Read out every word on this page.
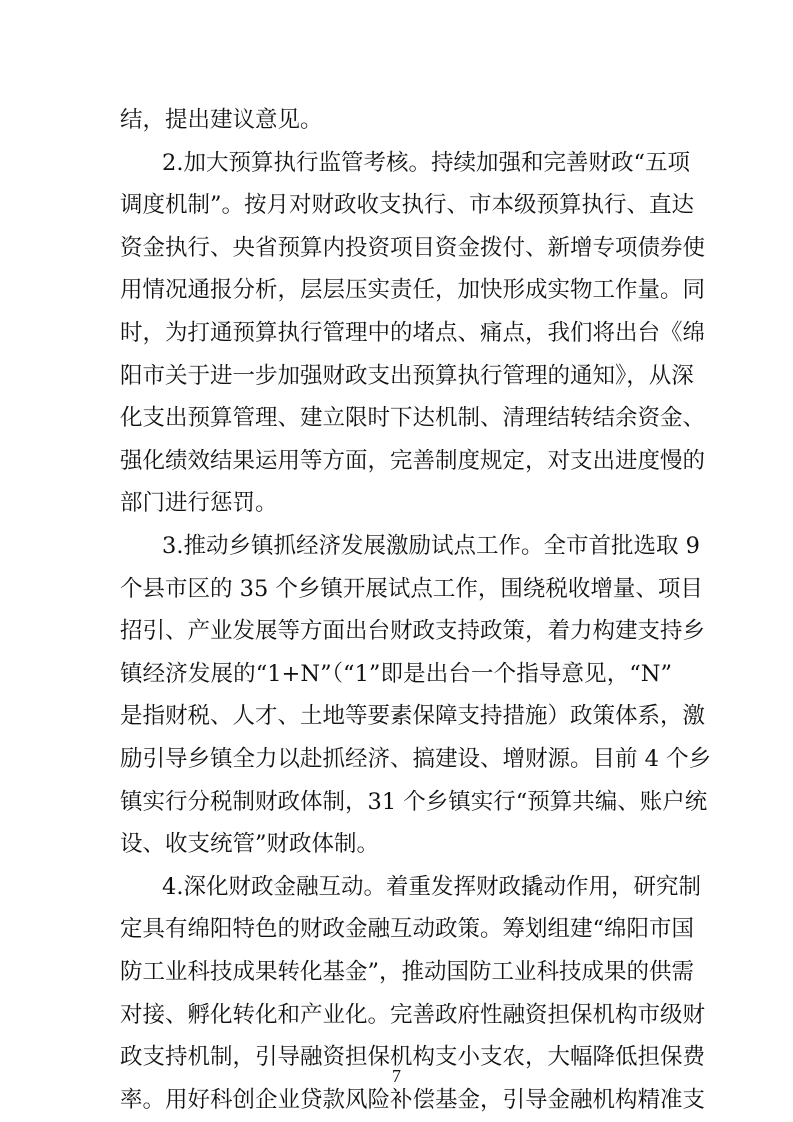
结，提出建议意见。
2.加大预算执行监管考核。持续加强和完善财政“五项
调度机制”。按月对财政收支执行、市本级预算执行、直达
资金执行、央省预算内投资项目资金拨付、新增专项债券使
用情况通报分析，层层压实责任，加快形成实物工作量。同
时，为打通预算执行管理中的堵点、痛点，我们将出台《绵
阳市关于进一步加强财政支出预算执行管理的通知》，从深
化支出预算管理、建立限时下达机制、清理结转结余资金、
强化绩效结果运用等方面，完善制度规定，对支出进度慢的
部门进行惩罚。
3.推动乡镇抓经济发展激励试点工作。全市首批选取 9
个县市区的 35 个乡镇开展试点工作，围绕税收增量、项目
招引、产业发展等方面出台财政支持政策，着力构建支持乡
镇经济发展的“1+N”（“1”即是出台一个指导意见，“N”
是指财税、人才、土地等要素保障支持措施）政策体系，激
励引导乡镇全力以赴抓经济、搞建设、增财源。目前 4 个乡
镇实行分税制财政体制，31 个乡镇实行“预算共编、账户统
设、收支统管”财政体制。
4.深化财政金融互动。着重发挥财政撬动作用，研究制
定具有绵阳特色的财政金融互动政策。筹划组建“绵阳市国
防工业科技成果转化基金”，推动国防工业科技成果的供需
对接、孵化转化和产业化。完善政府性融资担保机构市级财
政支持机制，引导融资担保机构支小支农，大幅降低担保费
率。用好科创企业贷款风险补偿基金，引导金融机构精准支
7
